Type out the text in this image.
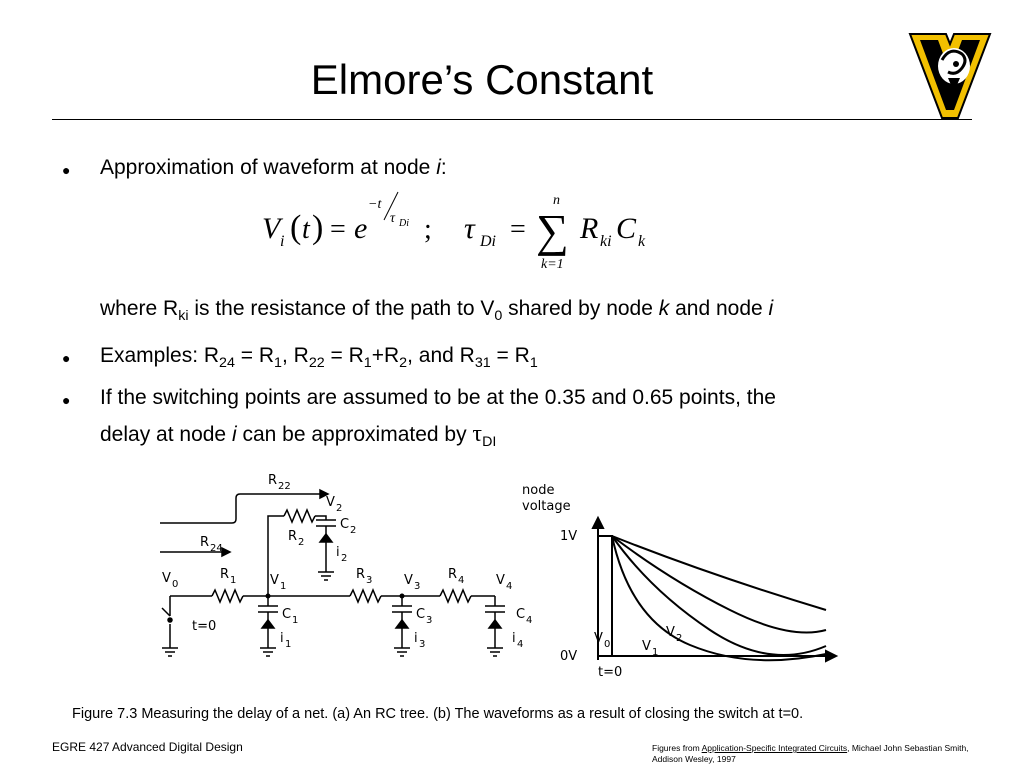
Elmore’s Constant
● Approximation of waveform at node i:
V i ( t ) = e
−t
τ Di ; τ Di = ∑
n
k=1
R ki C k
where $R_{ki}$ is the resistance of the path to $V_0$ shared by node k and node i
● Examples: $R_{24} = R_1$, $R_{22} = R_1+R_2$, and $R_{31} = R_1$
● If the switching points are assumed to be at the 0.35 and 0.65 points, the
delay at node i can be approximated by $\tau_{DI}$
R 22
R 24
V 0
R 1	V 1
V 2
R 2
C 2
i 2
R 3 V 3
R 4 V 4
C 1
i 1
C 3
i 3
C 4
i 4
t=0
node
voltage
1V
0V
t=0
V 0 V 1
V 2
Figure 7.3 Measuring the delay of a net. (a) An RC tree. (b) The waveforms as a result of closing the switch at t=0.
EGRE 427 Advanced Digital Design	Figures from Application-Specific Integrated Circuits, Michael John Sebastian Smith, Addison Wesley, 1997
